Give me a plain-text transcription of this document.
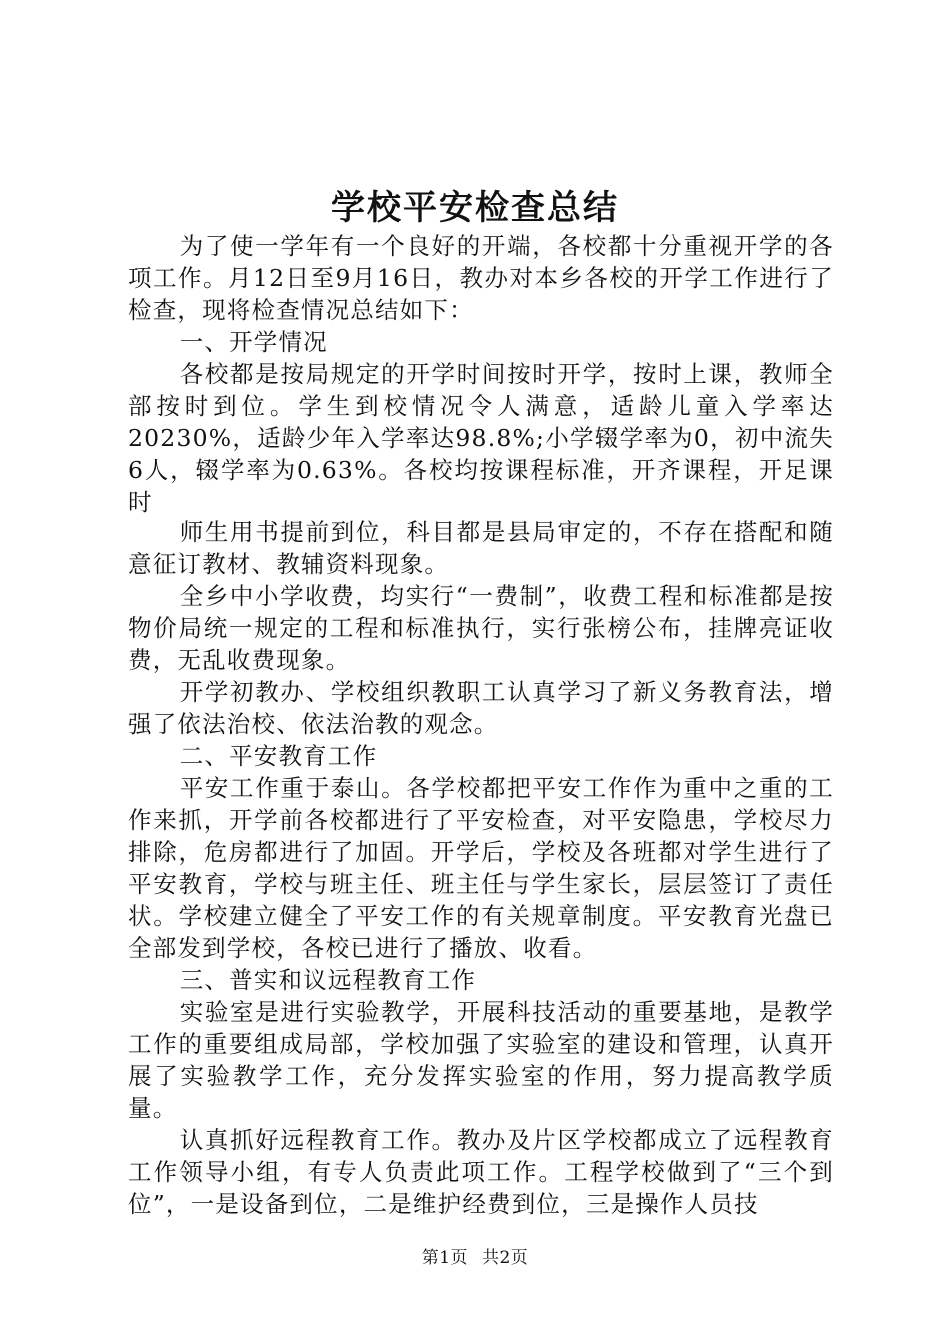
学校平安检查总结

为了使一学年有一个良好的开端，各校都十分重视开学的各项工作。月12日至9月16日，教办对本乡各校的开学工作进行了检查，现将检查情况总结如下：

一、开学情况

各校都是按局规定的开学时间按时开学，按时上课，教师全部按时到位。学生到校情况令人满意，适龄儿童入学率达20230%，适龄少年入学率达98.8%;小学辍学率为0，初中流失6人，辍学率为0.63%。各校均按课程标准，开齐课程，开足课时

师生用书提前到位，科目都是县局审定的，不存在搭配和随意征订教材、教辅资料现象。

全乡中小学收费，均实行“一费制”，收费工程和标准都是按物价局统一规定的工程和标准执行，实行张榜公布，挂牌亮证收费，无乱收费现象。

开学初教办、学校组织教职工认真学习了新义务教育法，增强了依法治校、依法治教的观念。

二、平安教育工作

平安工作重于泰山。各学校都把平安工作作为重中之重的工作来抓，开学前各校都进行了平安检查，对平安隐患，学校尽力排除，危房都进行了加固。开学后，学校及各班都对学生进行了平安教育，学校与班主任、班主任与学生家长，层层签订了责任状。学校建立健全了平安工作的有关规章制度。平安教育光盘已全部发到学校，各校已进行了播放、收看。

三、普实和议远程教育工作

实验室是进行实验教学，开展科技活动的重要基地，是教学工作的重要组成局部，学校加强了实验室的建设和管理，认真开展了实验教学工作，充分发挥实验室的作用，努力提高教学质量。

认真抓好远程教育工作。教办及片区学校都成立了远程教育工作领导小组，有专人负责此项工作。工程学校做到了“三个到位”，一是设备到位，二是维护经费到位，三是操作人员技

第1页 共2页
